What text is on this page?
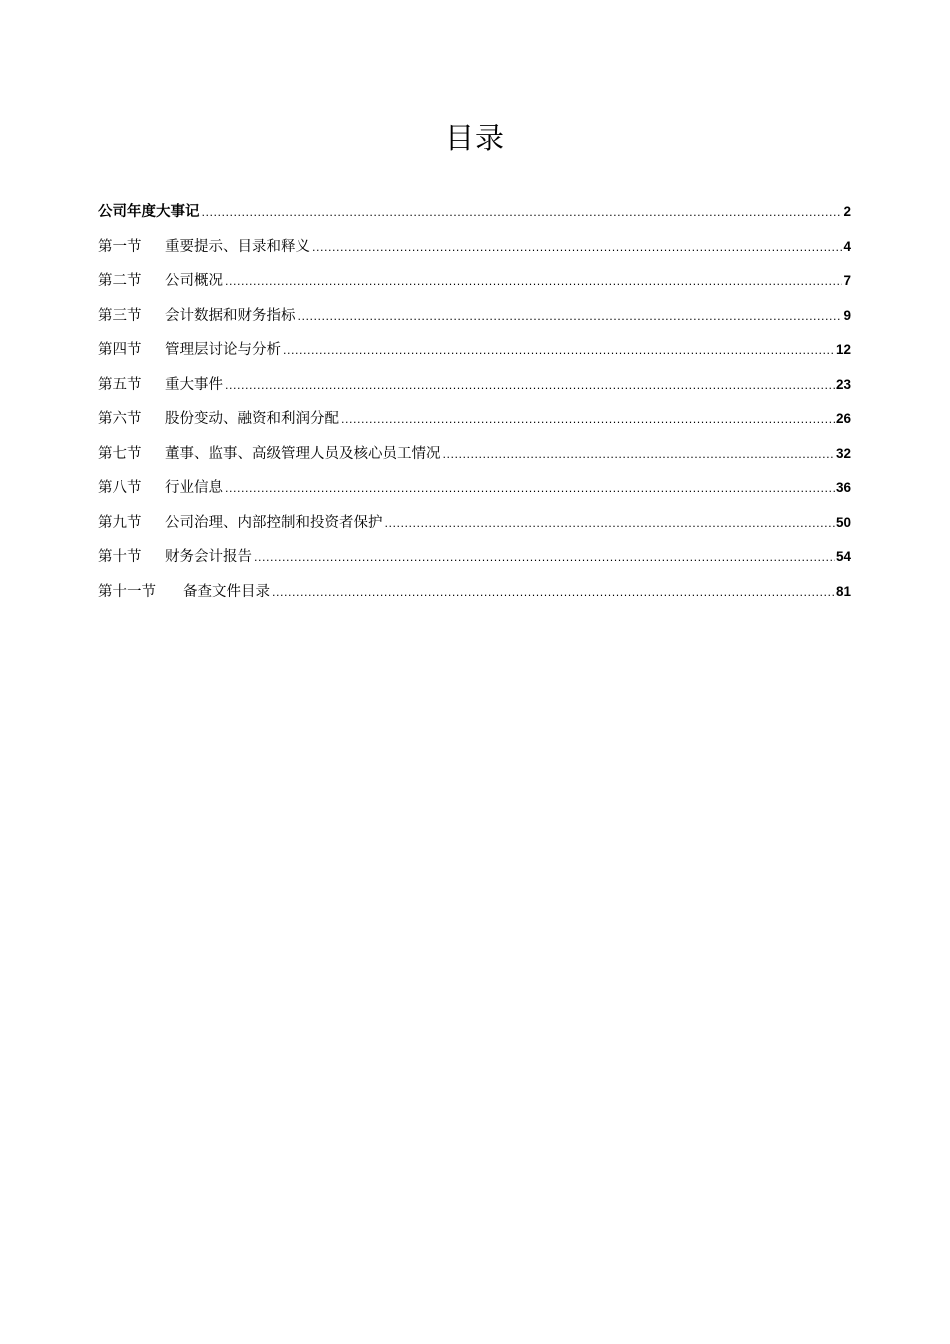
目录
公司年度大事记 .....	2
第一节	重要提示、目录和释义 .....	4
第二节	公司概况 .....	7
第三节	会计数据和财务指标 .....	9
第四节	管理层讨论与分析 .....	12
第五节	重大事件 .....	23
第六节	股份变动、融资和利润分配 .....	26
第七节	董事、监事、高级管理人员及核心员工情况 .....	32
第八节	行业信息 .....	36
第九节	公司治理、内部控制和投资者保护 .....	50
第十节	财务会计报告 .....	54
第十一节	备查文件目录 .....	81
